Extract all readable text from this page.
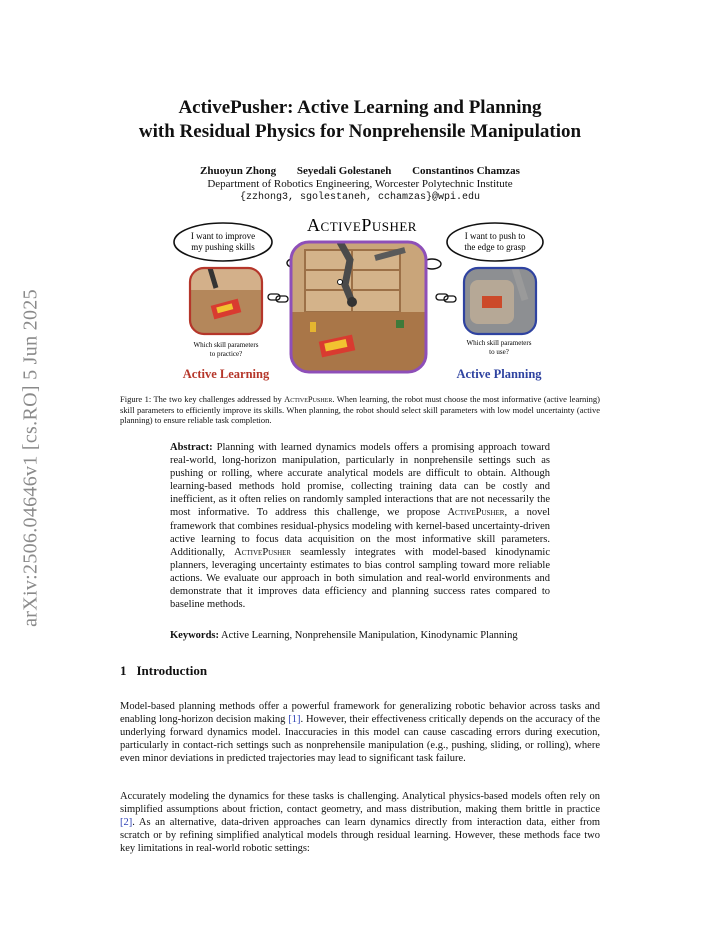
arXiv:2506.04646v1 [cs.RO] 5 Jun 2025
ActivePusher: Active Learning and Planning
with Residual Physics for Nonprehensile Manipulation
Zhuoyun Zhong Seyedali Golestaneh Constantinos Chamzas
Department of Robotics Engineering, Worcester Polytechnic Institute
{zzhong3, sgolestaneh, cchamzas}@wpi.edu
ActivePusher
I want to improve
my pushing skills
I want to push to
the edge to grasp
Which skill parameters
to practice?
Which skill parameters
to use?
Active Learning	Active Planning
Figure 1: The two key challenges addressed by ActivePusher. When learning, the robot must choose the most informative (active learning) skill parameters to efficiently improve its skills. When planning, the robot should select skill parameters with low model uncertainty (active planning) to ensure reliable task completion.
Abstract: Planning with learned dynamics models offers a promising approach toward real-world, long-horizon manipulation, particularly in nonprehensile settings such as pushing or rolling, where accurate analytical models are difficult to obtain. Although learning-based methods hold promise, collecting training data can be costly and inefficient, as it often relies on randomly sampled interactions that are not necessarily the most informative. To address this challenge, we propose ActivePusher, a novel framework that combines residual-physics modeling with kernel-based uncertainty-driven active learning to focus data acquisition on the most informative skill parameters. Additionally, ActivePusher seamlessly integrates with model-based kinodynamic planners, leveraging uncertainty estimates to bias control sampling toward more reliable actions. We evaluate our approach in both simulation and real-world environments and demonstrate that it improves data efficiency and planning success rates compared to baseline methods.
Keywords: Active Learning, Nonprehensile Manipulation, Kinodynamic Planning
1 Introduction
Model-based planning methods offer a powerful framework for generalizing robotic behavior across tasks and enabling long-horizon decision making [1]. However, their effectiveness critically depends on the accuracy of the underlying forward dynamics model. Inaccuracies in this model can cause cascading errors during execution, particularly in contact-rich settings such as nonprehensile manipulation (e.g., pushing, sliding, or rolling), where even minor deviations in predicted trajectories may lead to significant task failure.
Accurately modeling the dynamics for these tasks is challenging. Analytical physics-based models often rely on simplified assumptions about friction, contact geometry, and mass distribution, making them brittle in practice [2]. As an alternative, data-driven approaches can learn dynamics directly from interaction data, either from scratch or by refining simplified analytical models through residual learning. However, these methods face two key limitations in real-world robotic settings:
